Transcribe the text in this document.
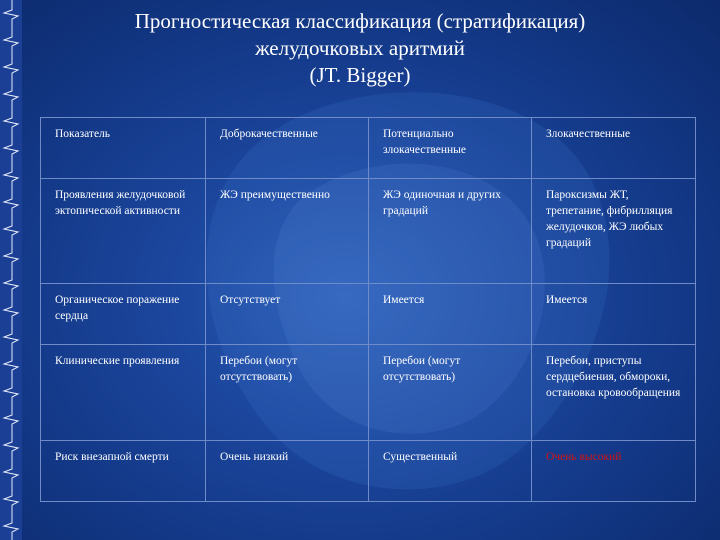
Прогностическая классификация (стратификация)
желудочковых аритмий
(JT. Bigger)
Показатель	Доброкачественные	Потенциально злокачественные	Злокачественные
Проявления желудочковой эктопической активности	ЖЭ преимущественно	ЖЭ одиночная и других градаций	Пароксизмы ЖТ, трепетание, фибрилляция желудочков, ЖЭ любых градаций
Органическое поражение сердца	Отсутствует	Имеется	Имеется
Клинические проявления	Перебои (могут отсутствовать)	Перебои (могут отсутствовать)	Перебои, приступы сердцебиения, обмороки, остановка кровообращения
Риск внезапной смерти	Очень низкий	Существенный	Очень высокий
